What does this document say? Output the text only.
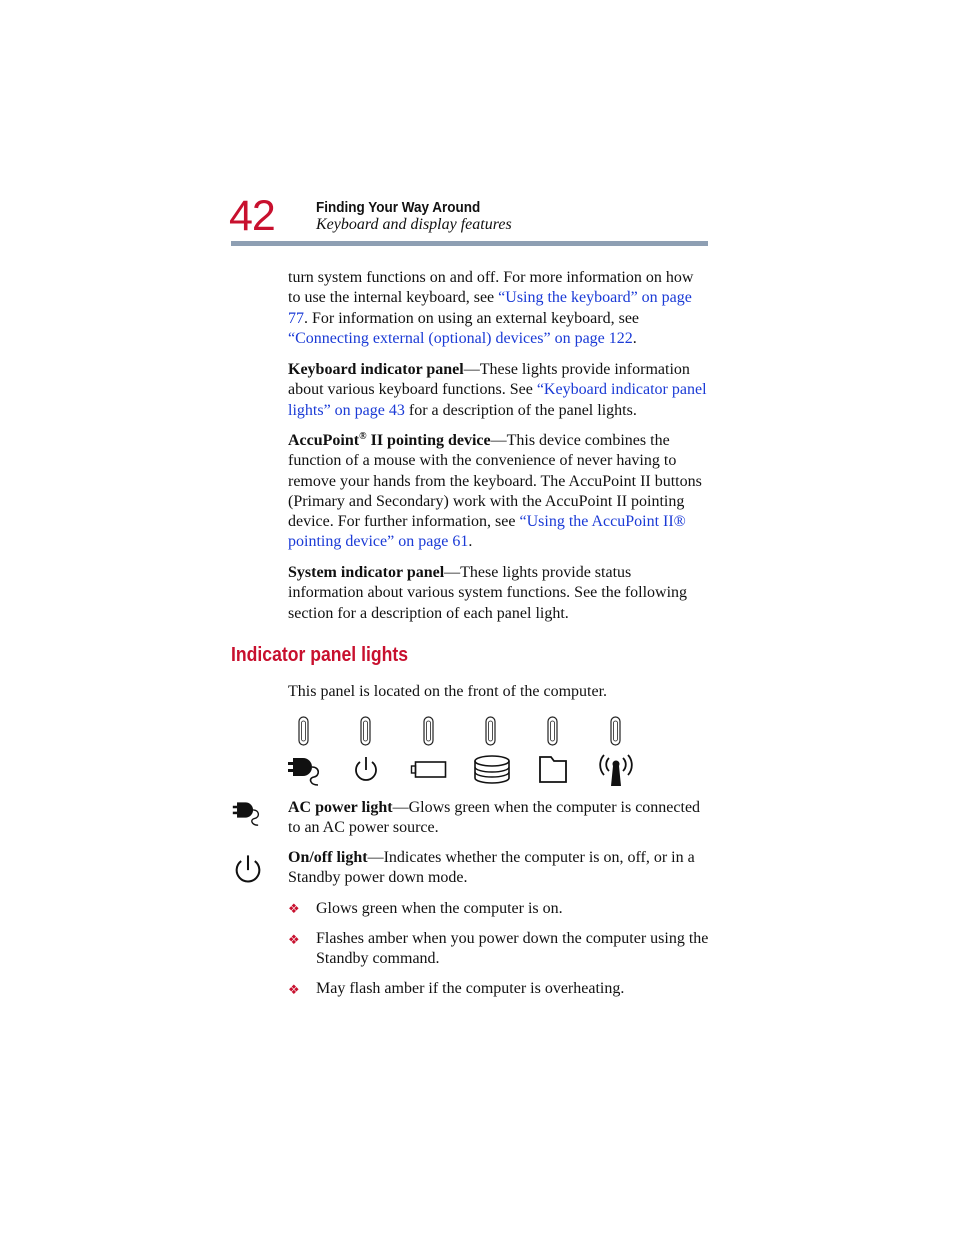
42	Finding Your Way Around
Keyboard and display features

turn system functions on and off. For more information on how to use the internal keyboard, see “Using the keyboard” on page 77. For information on using an external keyboard, see “Connecting external (optional) devices” on page 122.

Keyboard indicator panel—These lights provide information about various keyboard functions. See “Keyboard indicator panel lights” on page 43 for a description of the panel lights.

AccuPoint® II pointing device—This device combines the function of a mouse with the convenience of never having to remove your hands from the keyboard. The AccuPoint II buttons (Primary and Secondary) work with the AccuPoint II pointing device. For further information, see “Using the AccuPoint II® pointing device” on page 61.

System indicator panel—These lights provide status information about various system functions. See the following section for a description of each panel light.

Indicator panel lights

This panel is located on the front of the computer.

AC power light—Glows green when the computer is connected to an AC power source.

On/off light—Indicates whether the computer is on, off, or in a Standby power down mode.

❖ Glows green when the computer is on.
❖ Flashes amber when you power down the computer using the Standby command.
❖ May flash amber if the computer is overheating.
